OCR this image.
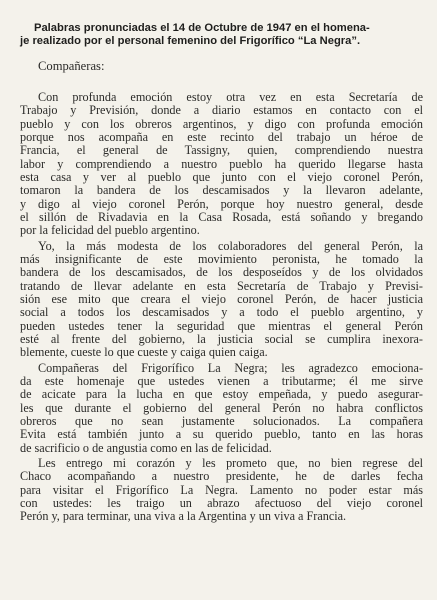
Palabras pronunciadas el 14 de Octubre de 1947 en el homena-
je realizado por el personal femenino del Frigorífico “La Negra”.
Compañeras:
Con profunda emoción estoy otra vez en esta Secretaría de
Trabajo y Previsión, donde a diario estamos en contacto con el
pueblo y con los obreros argentinos, y digo con profunda emoción
porque nos acompaña en este recinto del trabajo un héroe de
Francia, el general de Tassigny, quien, comprendiendo nuestra
labor y comprendiendo a nuestro pueblo ha querido llegarse hasta
esta casa y ver al pueblo que junto con el viejo coronel Perón,
tomaron la bandera de los descamisados y la llevaron adelante,
y digo al viejo coronel Perón, porque hoy nuestro general, desde
el sillón de Rivadavia en la Casa Rosada, está soñando y bregando
por la felicidad del pueblo argentino.
Yo, la más modesta de los colaboradores del general Perón, la
más insignificante de este movimiento peronista, he tomado la
bandera de los descamisados, de los desposeídos y de los olvidados
tratando de llevar adelante en esta Secretaría de Trabajo y Previsi-
sión ese mito que creara el viejo coronel Perón, de hacer justicia
social a todos los descamisados y a todo el pueblo argentino, y
pueden ustedes tener la seguridad que mientras el general Perón
esté al frente del gobierno, la justicia social se cumplira inexora-
blemente, cueste lo que cueste y caiga quien caiga.
Compañeras del Frigorífico La Negra; les agradezco emociona-
da este homenaje que ustedes vienen a tributarme; él me sirve
de acicate para la lucha en que estoy empeñada, y puedo asegurar-
les que durante el gobierno del general Perón no habra conflictos
obreros que no sean justamente solucionados. La compañera
Evita está también junto a su querido pueblo, tanto en las horas
de sacrificio o de angustia como en las de felicidad.
Les entrego mi corazón y les prometo que, no bien regrese del
Chaco acompañando a nuestro presidente, he de darles fecha
para visitar el Frigorífico La Negra. Lamento no poder estar más
con ustedes: les traigo un abrazo afectuoso del viejo coronel
Perón y, para terminar, una viva a la Argentina y un viva a Francia.
